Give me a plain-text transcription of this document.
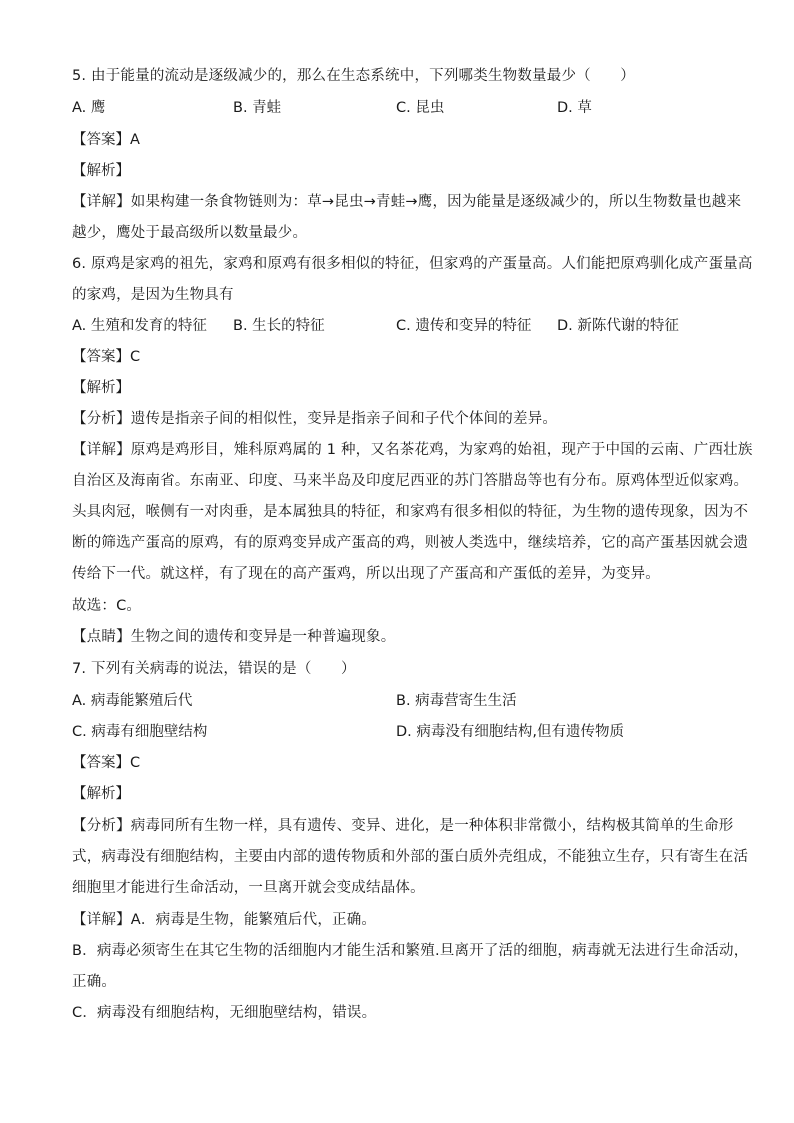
5. 由于能量的流动是逐级减少的，那么在生态系统中，下列哪类生物数量最少（　　）
A. 鹰	B. 青蛙	C. 昆虫	D. 草
【答案】A
【解析】
【详解】如果构建一条食物链则为：草→昆虫→青蛙→鹰，因为能量是逐级减少的，所以生物数量也越来
越少，鹰处于最高级所以数量最少。
6. 原鸡是家鸡的祖先，家鸡和原鸡有很多相似的特征，但家鸡的产蛋量高。人们能把原鸡驯化成产蛋量高
的家鸡，是因为生物具有
A. 生殖和发育的特征 B. 生长的特征	C. 遗传和变异的特征 D. 新陈代谢的特征
【答案】C
【解析】
【分析】遗传是指亲子间的相似性，变异是指亲子间和子代个体间的差异。
【详解】原鸡是鸡形目，雉科原鸡属的 1 种，又名茶花鸡，为家鸡的始祖，现产于中国的云南、广西壮族
自治区及海南省。东南亚、印度、马来半岛及印度尼西亚的苏门答腊岛等也有分布。原鸡体型近似家鸡。
头具肉冠，喉侧有一对肉垂，是本属独具的特征，和家鸡有很多相似的特征，为生物的遗传现象，因为不
断的筛选产蛋高的原鸡，有的原鸡变异成产蛋高的鸡，则被人类选中，继续培养，它的高产蛋基因就会遗
传给下一代。就这样，有了现在的高产蛋鸡，所以出现了产蛋高和产蛋低的差异，为变异。
故选：C。
【点睛】生物之间的遗传和变异是一种普遍现象。
7. 下列有关病毒的说法，错误的是（　　）
A. 病毒能繁殖后代	B. 病毒营寄生生活
C. 病毒有细胞壁结构	D. 病毒没有细胞结构,但有遗传物质
【答案】C
【解析】
【分析】病毒同所有生物一样，具有遗传、变异、进化，是一种体积非常微小，结构极其简单的生命形
式，病毒没有细胞结构，主要由内部的遗传物质和外部的蛋白质外壳组成，不能独立生存，只有寄生在活
细胞里才能进行生命活动，一旦离开就会变成结晶体。
【详解】A．病毒是生物，能繁殖后代，正确。
B．病毒必须寄生在其它生物的活细胞内才能生活和繁殖.旦离开了活的细胞，病毒就无法进行生命活动，
正确。
C．病毒没有细胞结构，无细胞壁结构，错误。
